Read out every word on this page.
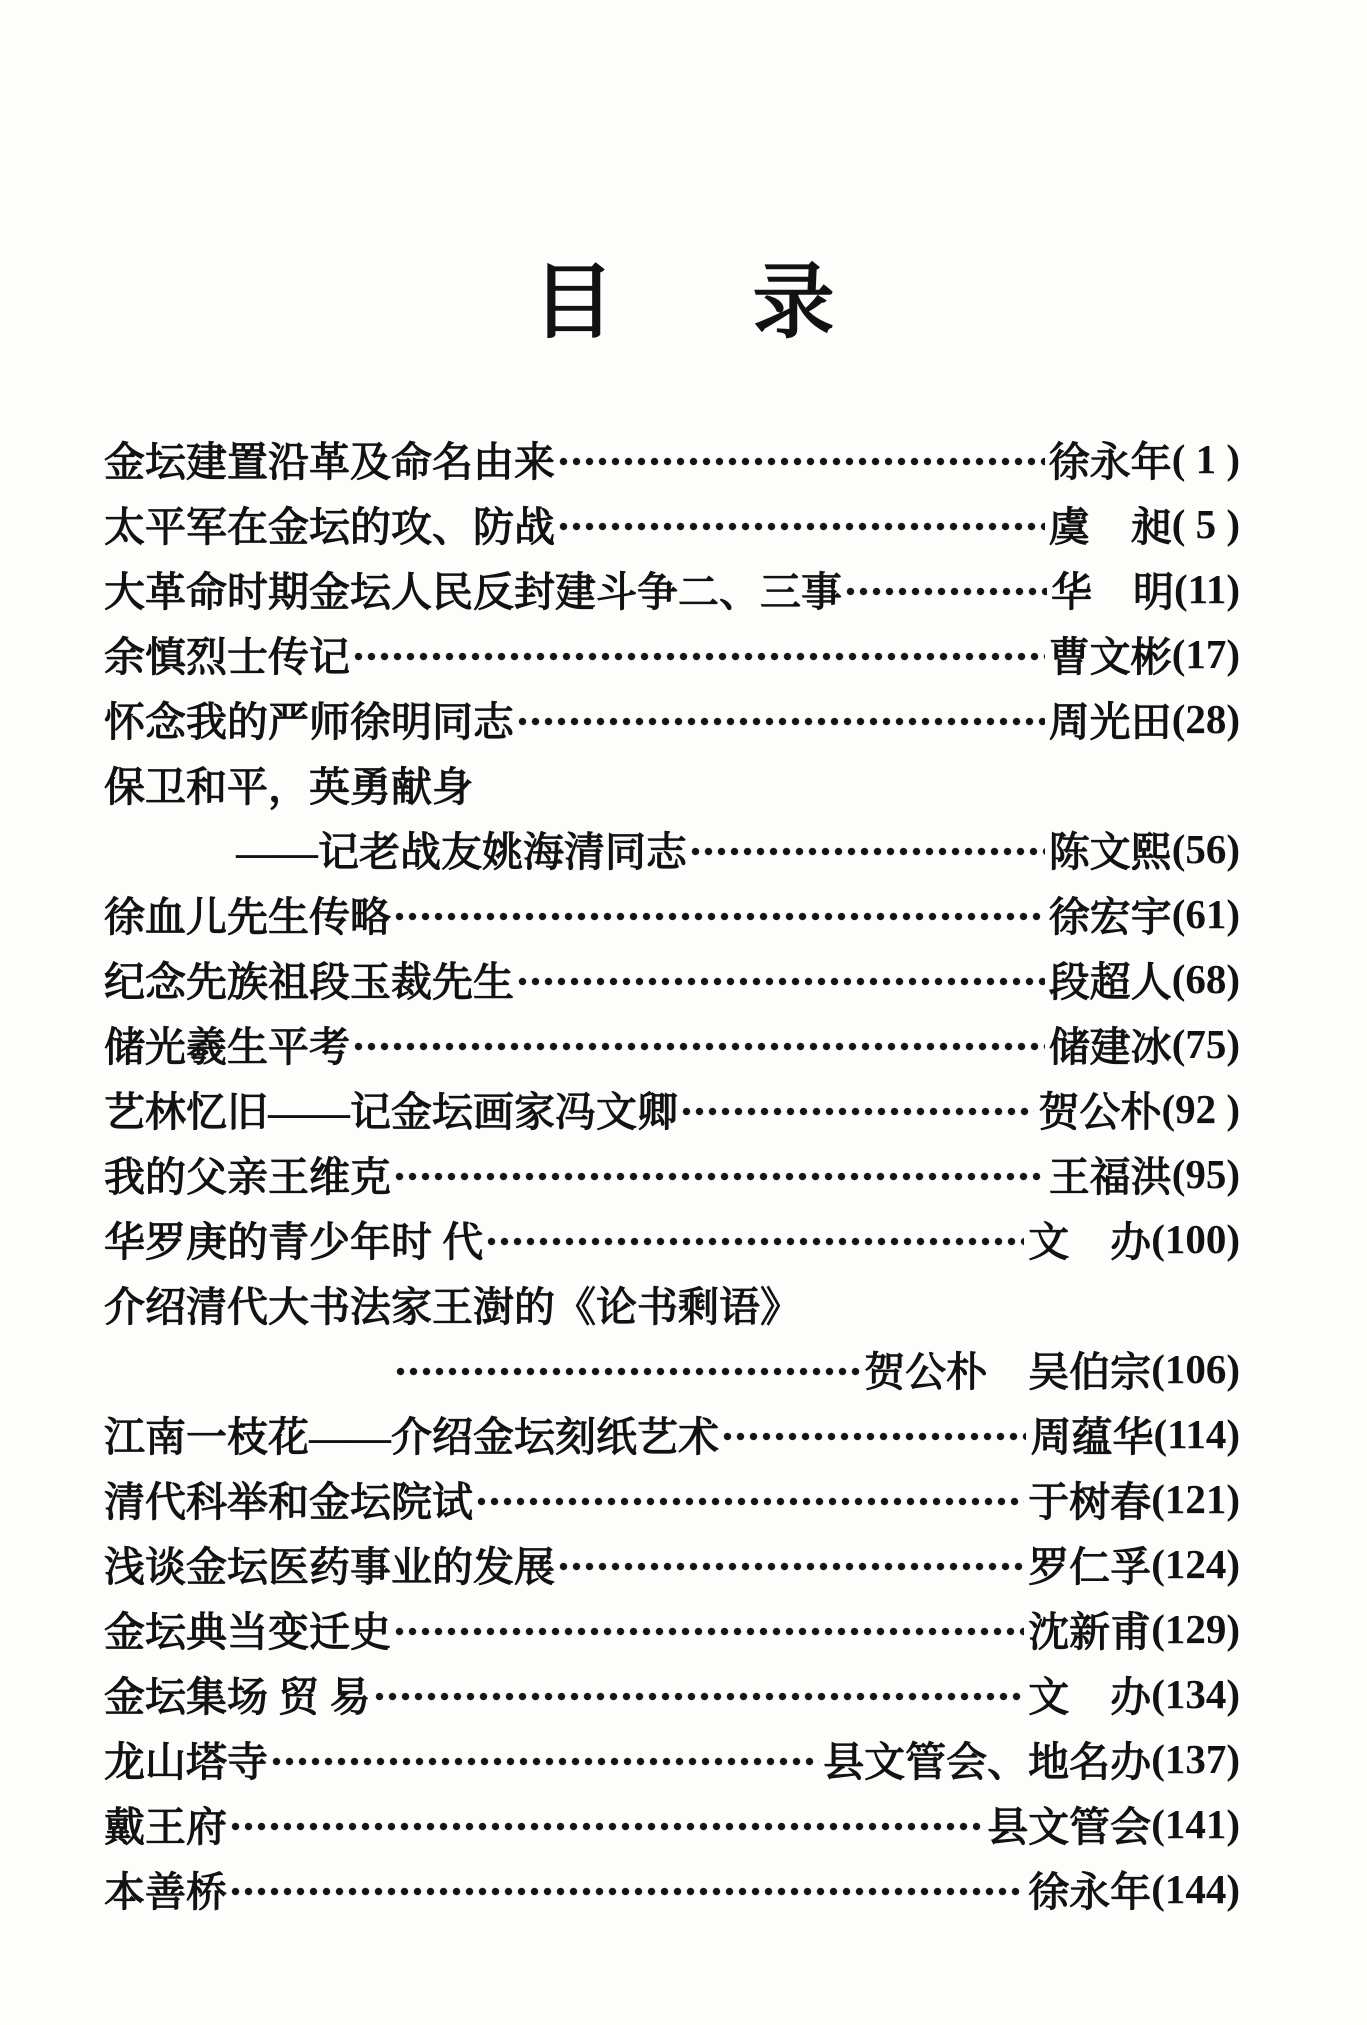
目 录
金坛建置沿革及命名由来	徐永年 ( 1 )
太平军在金坛的攻、防战	虞　昶 ( 5 )
大革命时期金坛人民反封建斗争二、三事	华　明 (11)
余慎烈士传记	曹文彬 (17)
怀念我的严师徐明同志	周光田 (28)
保卫和平，英勇献身
——记老战友姚海清同志	陈文熙 (56)
徐血儿先生传略	徐宏宇 (61)
纪念先族祖段玉裁先生	段超人 (68)
储光羲生平考	储建冰 (75)
艺林忆旧——记金坛画家冯文卿	贺公朴 (92 )
我的父亲王维克	王福洪 (95)
华罗庚的青少年时 代	文　办 (100)
介绍清代大书法家王澍的《论书剩语》
贺公朴　吴伯宗 (106)
江南一枝花——介绍金坛刻纸艺术	周蕴华 (114)
清代科举和金坛院试	于树春 (121)
浅谈金坛医药事业的发展	罗仁孚 (124)
金坛典当变迁史	沈新甫 (129)
金坛集场 贸 易	文　办 (134)
龙山塔寺	县文管会、地名办 (137)
戴王府	县文管会 (141)
本善桥	徐永年 (144)
